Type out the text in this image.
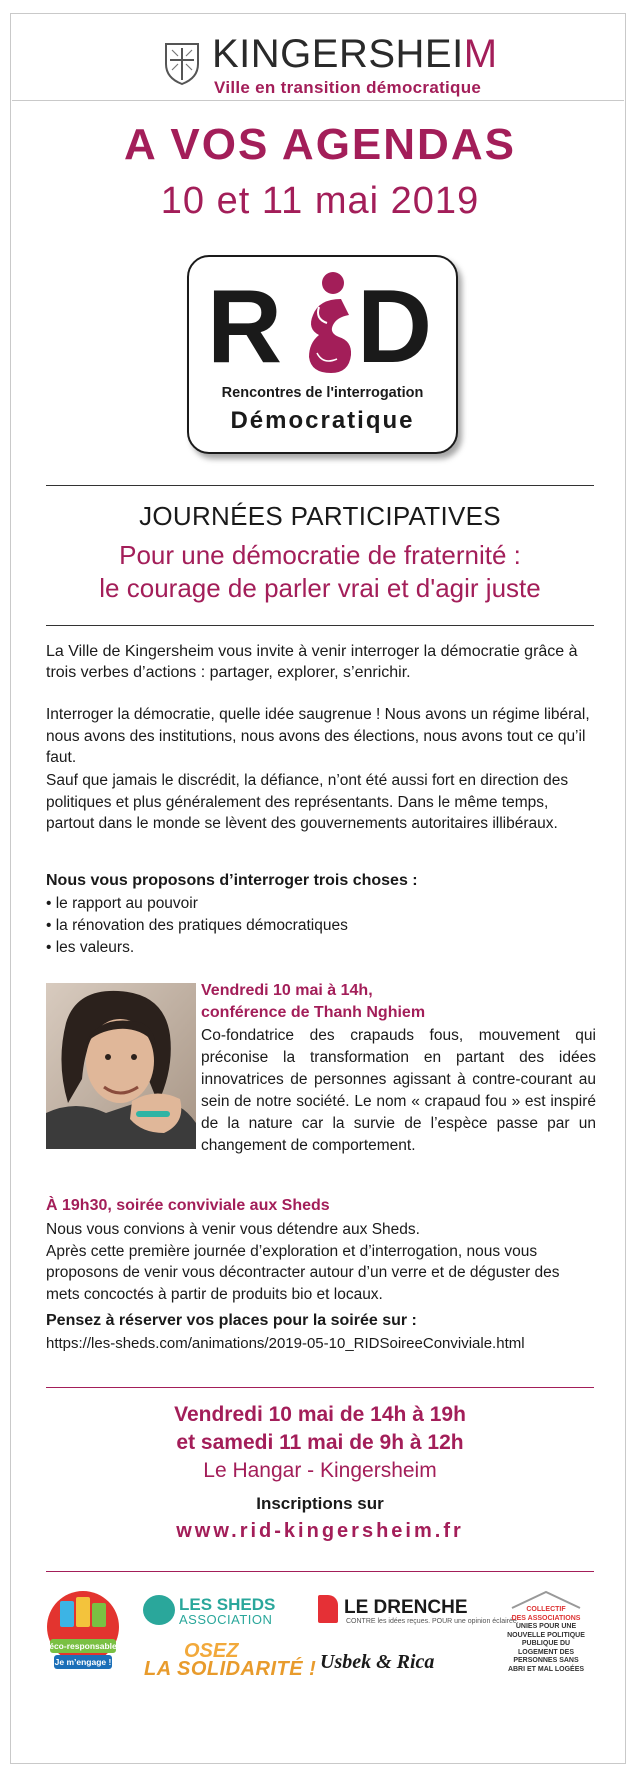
KINGERSHEIM
Ville en transition démocratique
A VOS AGENDAS
10 et 11 mai 2019
R D
Rencontres de l'interrogation
Démocratique
JOURNÉES PARTICIPATIVES
Pour une démocratie de fraternité :
le courage de parler vrai et d'agir juste
La Ville de Kingersheim vous invite à venir interroger la démocratie grâce à trois verbes d’actions : partager, explorer, s’enrichir.
Interroger la démocratie, quelle idée saugrenue ! Nous avons un régime libéral, nous avons des institutions, nous avons des élections, nous avons tout ce qu’il faut.
Sauf que jamais le discrédit, la défiance, n’ont été aussi fort en direction des politiques et plus généralement des représentants. Dans le même temps, partout dans le monde se lèvent des gouvernements autoritaires illibéraux.
Nous vous proposons d’interroger trois choses :
• le rapport au pouvoir
• la rénovation des pratiques démocratiques
• les valeurs.
Vendredi 10 mai à 14h,
conférence de Thanh Nghiem
Co-fondatrice des crapauds fous, mouvement qui préconise la transformation en partant des idées innovatrices de personnes agissant à contre-courant au sein de notre société. Le nom « crapaud fou » est inspiré de la nature car la survie de l’espèce passe par un changement de comportement.
À 19h30, soirée conviviale aux Sheds
Nous vous convions à venir vous détendre aux Sheds.
Après cette première journée d’exploration et d’interrogation, nous vous proposons de venir vous décontracter autour d’un verre et de déguster des mets concoctés à partir de produits bio et locaux.
Pensez à réserver vos places pour la soirée sur :
https://les-sheds.com/animations/2019-05-10_RIDSoireeConviviale.html
Vendredi 10 mai de 14h à 19h
et samedi 11 mai de 9h à 12h
Le Hangar - Kingersheim
Inscriptions sur
www.rid-kingersheim.fr
éco-responsable
Je m’engage !
LES SHEDS
ASSOCIATION
OSEZ
LA SOLIDARITÉ !
LE DRENCHE
CONTRE les idées reçues. POUR une opinion éclairée.
Usbek & Rica
COLLECTIF
DES ASSOCIATIONS
UNIES POUR UNE
NOUVELLE POLITIQUE
PUBLIQUE DU
LOGEMENT DES
PERSONNES SANS
ABRI ET MAL LOGÉES
